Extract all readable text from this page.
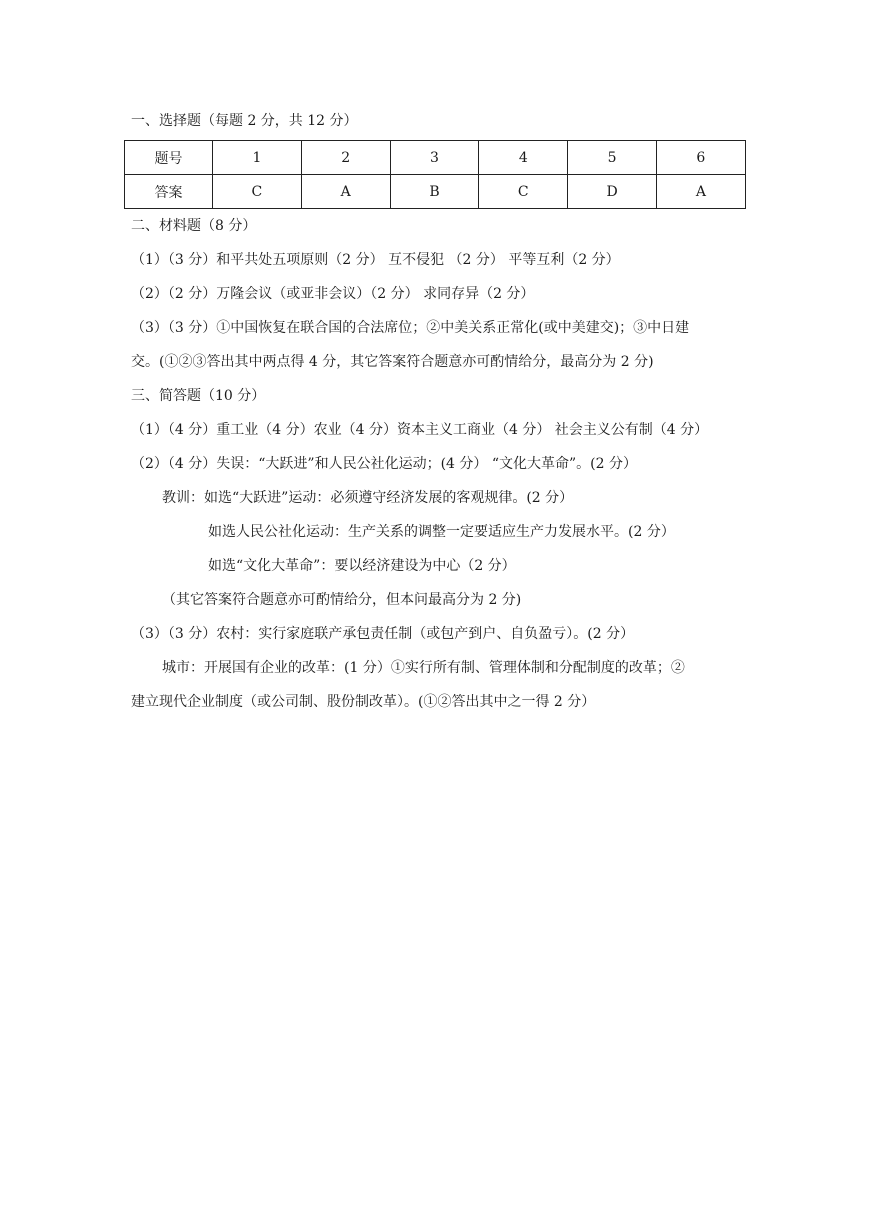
一、选择题（每题 2 分，共 12 分）
题号	1	2	3	4	5	6
答案	C	A	B	C	D	A
二、材料题（8 分）
（1）（3 分）和平共处五项原则（2 分） 互不侵犯 （2 分） 平等互利（2 分）
（2）（2 分）万隆会议（或亚非会议）（2 分） 求同存异（2 分）
（3）（3 分）①中国恢复在联合国的合法席位；②中美关系正常化(或中美建交)；③中日建
交。(①②③答出其中两点得 4 分，其它答案符合题意亦可酌情给分，最高分为 2 分)
三、简答题（10 分）
（1）（4 分）重工业（4 分）农业（4 分）资本主义工商业（4 分） 社会主义公有制（4 分）
（2）（4 分）失误：“大跃进”和人民公社化运动；(4 分） “文化大革命”。(2 分）
教训：如选“大跃进”运动：必须遵守经济发展的客观规律。(2 分）
如选人民公社化运动：生产关系的调整一定要适应生产力发展水平。(2 分）
如选“文化大革命”：要以经济建设为中心（2 分）
（其它答案符合题意亦可酌情给分，但本问最高分为 2 分)
（3）（3 分）农村：实行家庭联产承包责任制（或包产到户、自负盈亏）。(2 分）
城市：开展国有企业的改革：(1 分）①实行所有制、管理体制和分配制度的改革；②
建立现代企业制度（或公司制、股份制改革）。(①②答出其中之一得 2 分）
